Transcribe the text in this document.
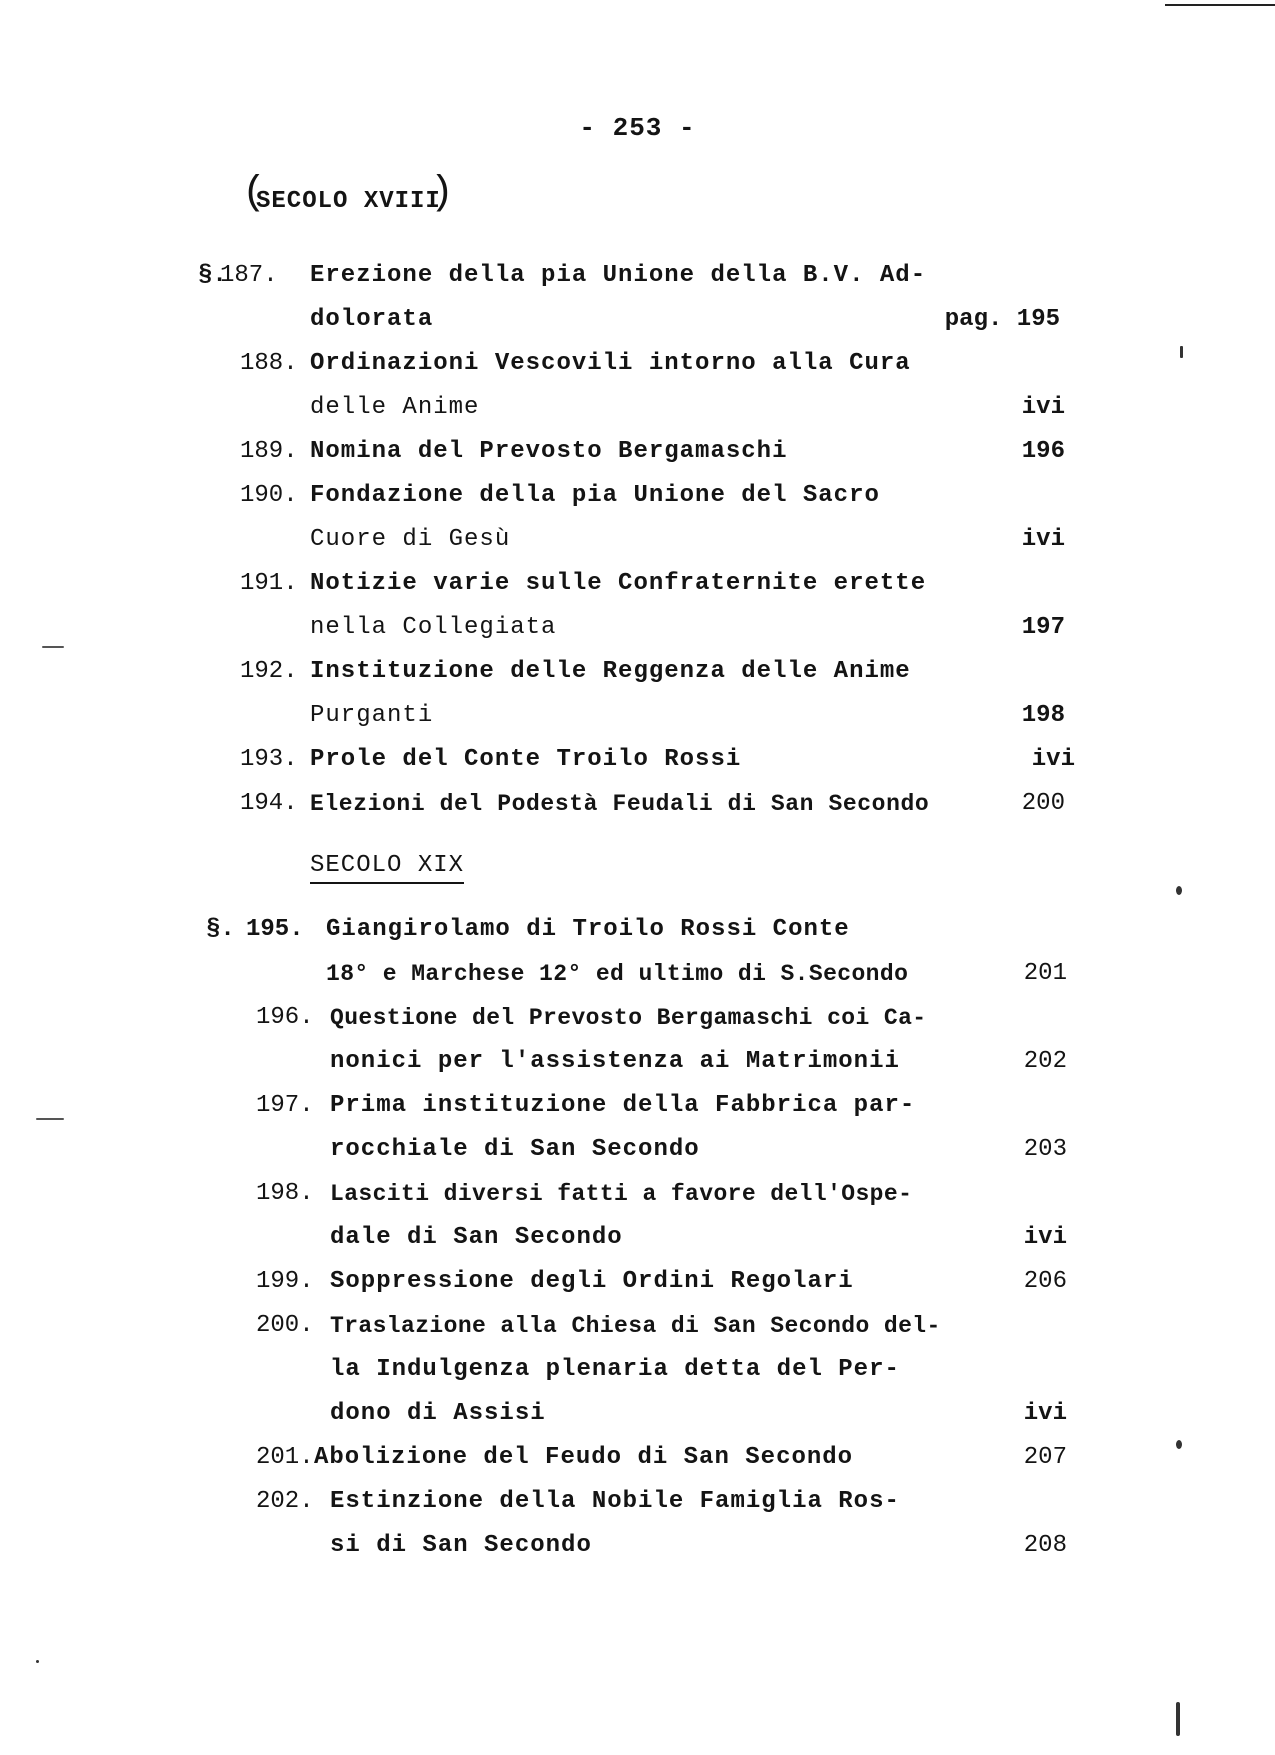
- 253 -
( SECOLO XVIII )
§.
187. Erezione della pia Unione della B.V. Ad-
dolorata	pag. 195
188. Ordinazioni Vescovili intorno alla Cura
delle Anime	ivi
189. Nomina del Prevosto Bergamaschi	196
190. Fondazione della pia Unione del Sacro
Cuore di Gesù	ivi
191. Notizie varie sulle Confraternite erette
nella Collegiata	197
192. Instituzione delle Reggenza delle Anime
Purganti	198
193. Prole del Conte Troilo Rossi	ivi
194. Elezioni del Podestà Feudali di San Secondo	200
SECOLO XIX
§. 195. Giangirolamo di Troilo Rossi Conte
18° e Marchese 12° ed ultimo di S.Secondo	201
196. Questione del Prevosto Bergamaschi coi Ca-
nonici per l'assistenza ai Matrimonii	202
197. Prima instituzione della Fabbrica par-
rocchiale di San Secondo	203
198. Lasciti diversi fatti a favore dell'Ospe-
dale di San Secondo	ivi
199. Soppressione degli Ordini Regolari	206
200. Traslazione alla Chiesa di San Secondo del-
la Indulgenza plenaria detta del Per-
dono di Assisi	ivi
201. Abolizione del Feudo di San Secondo	207
202. Estinzione della Nobile Famiglia Ros-
si di San Secondo	208
